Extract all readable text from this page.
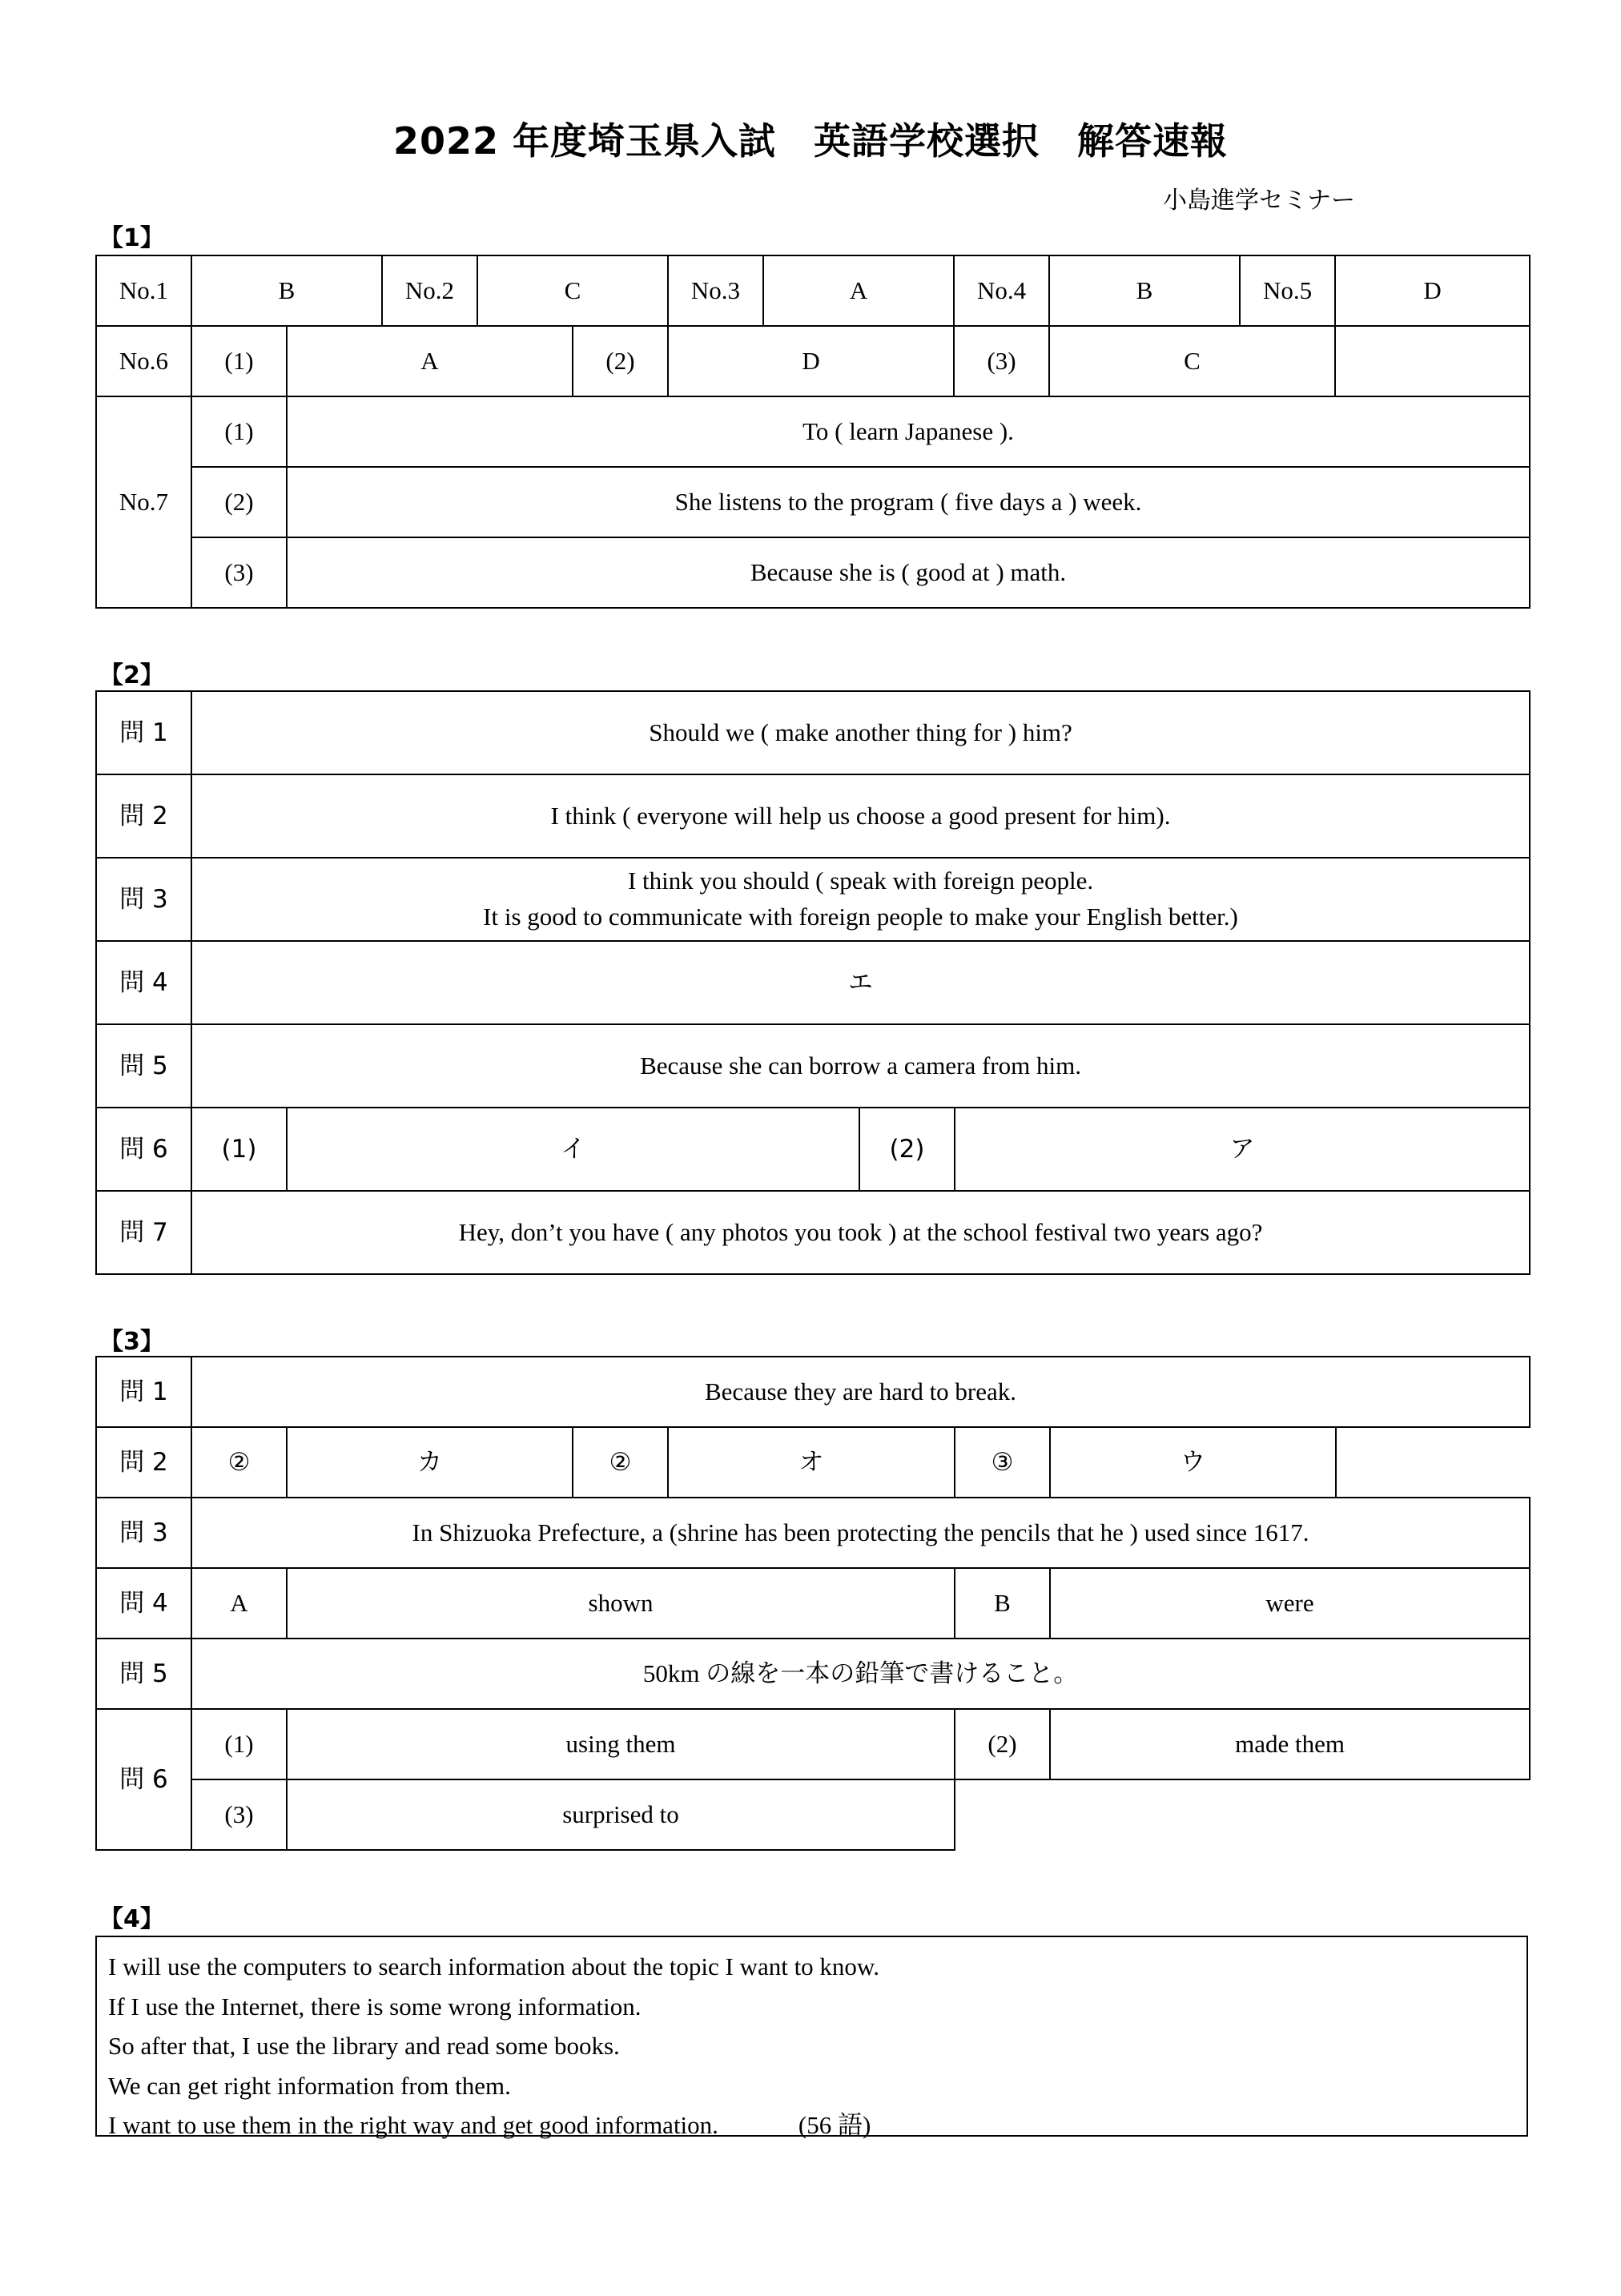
2022 年度埼玉県入試　英語学校選択　解答速報
小島進学セミナー
【1】
No.1	B		No.2	C		No.3	A	No.4	B	No.5	D
No.6	(1)	A			(2)	D		(3)	C		
No.7	(1)	To ( learn Japanese ).									
	(2)	She listens to the program ( five days a ) week.									
	(3)	Because she is ( good at ) math.									
【2】
問 1	Should we ( make another thing for ) him?			
問 2	I think ( everyone will help us choose a good present for him).			
問 3	I think you should ( speak with foreign people.
It is good to communicate with foreign people to make your English better.)			

問 4	エ			
問 5	Because she can borrow a camera from him.			
問 6	(1)	イ	(2)	ア
問 7	Hey, don’t you have ( any photos you took ) at the school festival two years ago?			
【3】
問 1	Because they are hard to break.						
問 2	②	カ	②	オ	③	ウ	
問 3	In Shizuoka Prefecture, a (shrine has been protecting the pencils that he ) used since 1617.						
問 4	A	shown			B	were	
問 5	50km の線を一本の鉛筆で書けること。						
問 6	(1)	using them			(2)	made them	
	(3)	surprised to					
【4】
I will use the computers to search information about the topic I want to know.
If I use the Internet, there is some wrong information.
So after that, I use the library and read some books.
We can get right information from them.
I want to use them in the right way and get good information.	(56 語)
